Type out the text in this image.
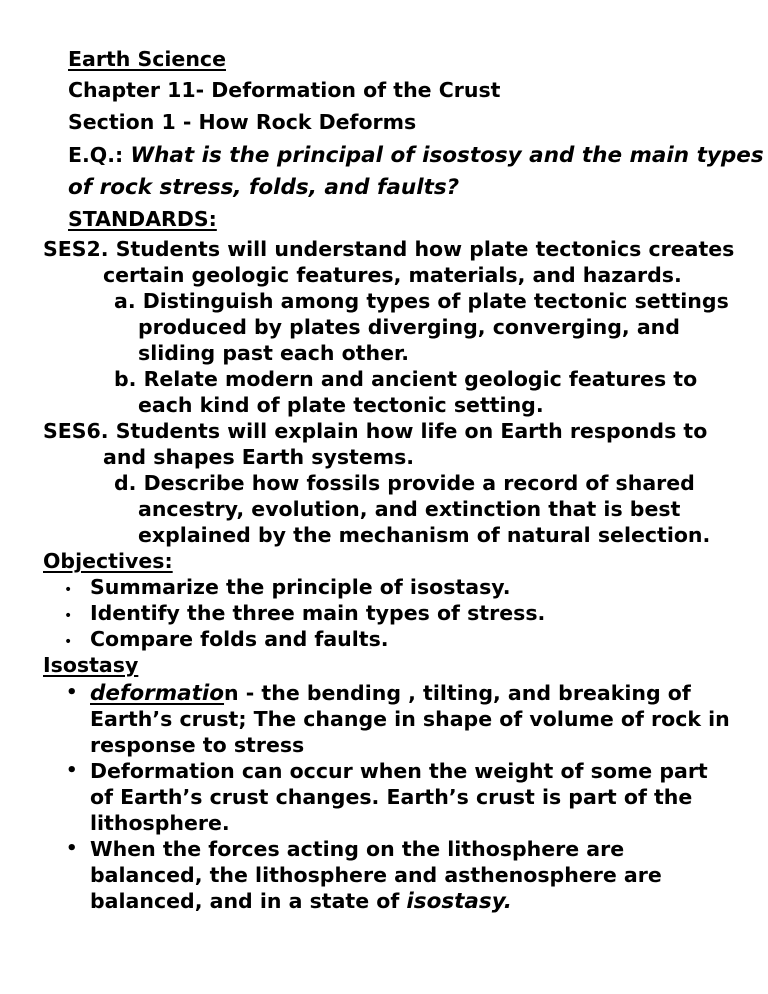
Earth Science
Chapter 11- Deformation of the Crust
Section 1 - How Rock Deforms
E.Q.: What is the principal of isostosy and the main types
of rock stress, folds, and faults?
STANDARDS:
SES2. Students will understand how plate tectonics creates
certain geologic features, materials, and hazards.
a. Distinguish among types of plate tectonic settings
produced by plates diverging, converging, and
sliding past each other.
b. Relate modern and ancient geologic features to
each kind of plate tectonic setting.
SES6. Students will explain how life on Earth responds to
and shapes Earth systems.
d. Describe how fossils provide a record of shared
ancestry, evolution, and extinction that is best
explained by the mechanism of natural selection.
Objectives:
• Summarize the principle of isostasy.
• Identify the three main types of stress.
• Compare folds and faults.
Isostasy
• deformation - the bending , tilting, and breaking of
Earth’s crust; The change in shape of volume of rock in
response to stress
• Deformation can occur when the weight of some part
of Earth’s crust changes. Earth’s crust is part of the
lithosphere.
• When the forces acting on the lithosphere are
balanced, the lithosphere and asthenosphere are
balanced, and in a state of isostasy.
